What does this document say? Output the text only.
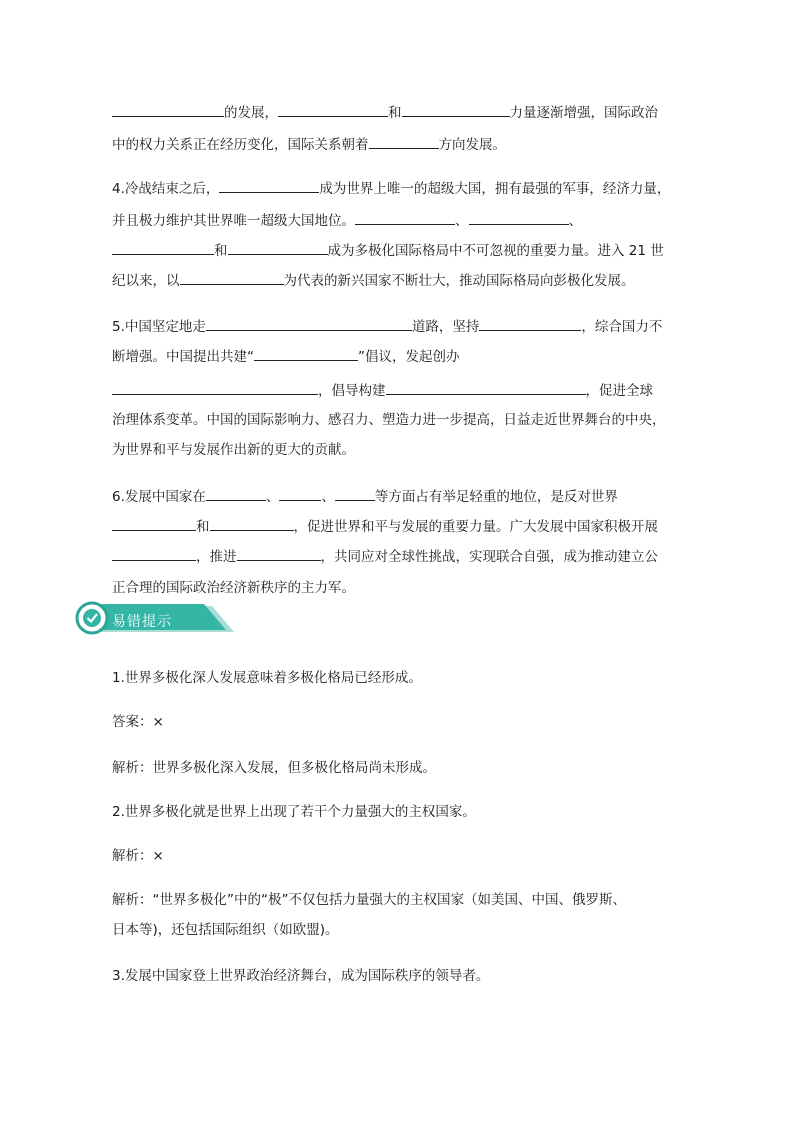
的发展，	和	力量逐渐增强，国际政治
中的权力关系正在经历变化，国际关系朝着	方向发展。
4.冷战结束之后，	成为世界上唯一的超级大国，拥有最强的军事，经济力量，
并且极力维护其世界唯一超级大国地位。	、	、
和	成为多极化国际格局中不可忽视的重要力量。进入 21 世
纪以来，以	为代表的新兴国家不断壮大，推动国际格局向彭极化发展。
5.中国坚定地走	道路，坚持	，综合国力不
断增强。中国提出共建“	”倡议，发起创办
，倡导构建	，促进全球
治理体系变革。中国的国际影响力、感召力、塑造力进一步提高，日益走近世界舞台的中央，
为世界和平与发展作出新的更大的贡献。
6.发展中国家在	、	、	等方面占有举足轻重的地位，是反对世界
和	，促进世界和平与发展的重要力量。广大发展中国家积极开展
，推进	，共同应对全球性挑战，实现联合自强，成为推动建立公
正合理的国际政治经济新秩序的主力军。
易错提示
1.世界多极化深人发展意味着多极化格局已经形成。
答案：×
解析：世界多极化深入发展，但多极化格局尚未形成。
2.世界多极化就是世界上出现了若干个力量强大的主权国家。
解析：×
解析：“世界多极化”中的“极”不仅包括力量强大的主权国家（如美国、中国、俄罗斯、
日本等)，还包括国际组织（如欧盟)。
3.发展中国家登上世界政治经济舞台，成为国际秩序的领导者。
